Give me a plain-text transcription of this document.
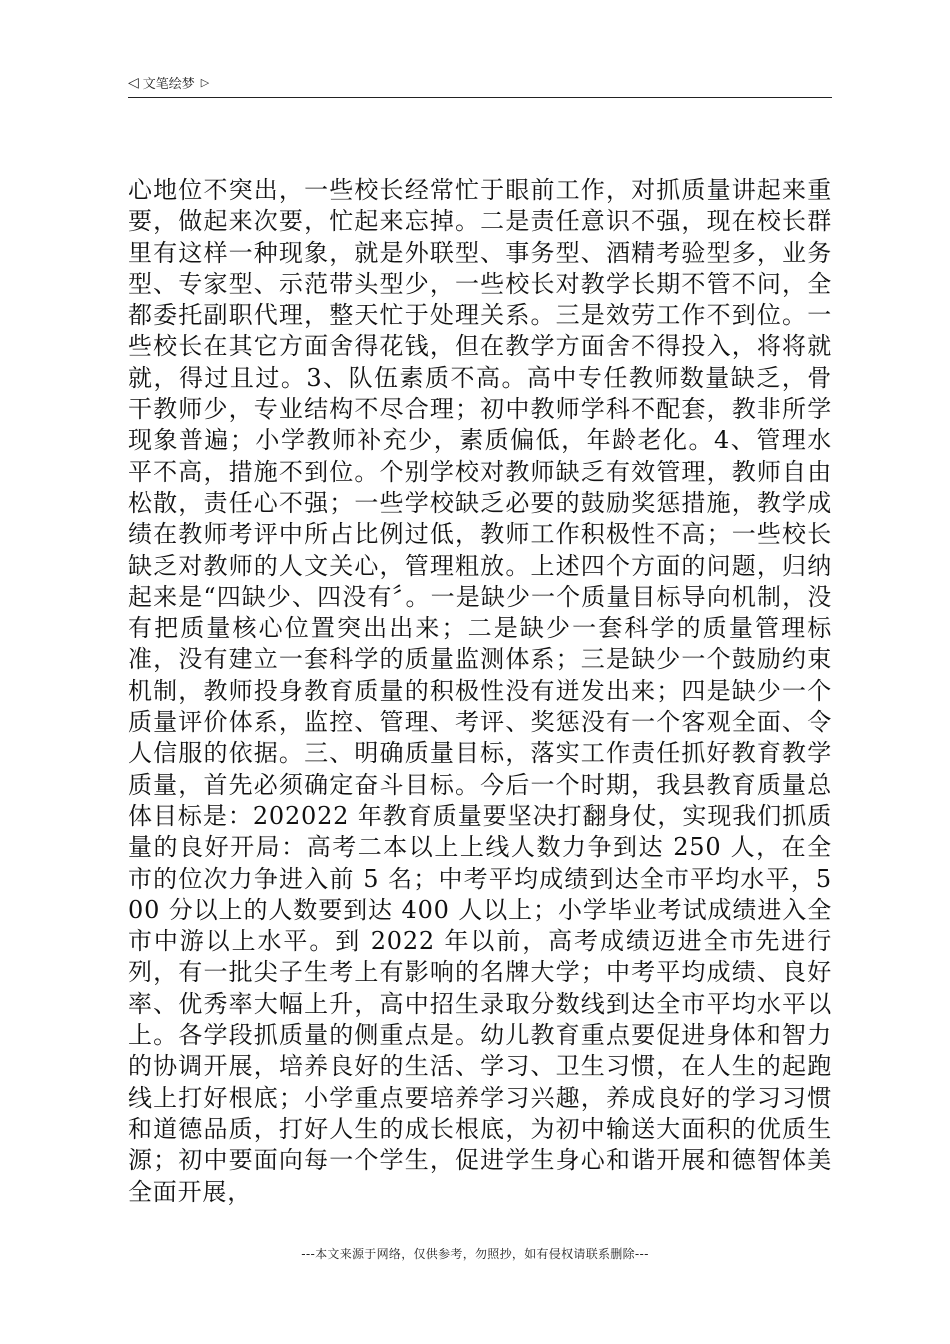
◁ 文笔绘梦 ▷

心地位不突出，一些校长经常忙于眼前工作，对抓质量讲起来重要，做起来次要，忙起来忘掉。二是责任意识不强，现在校长群里有这样一种现象，就是外联型、事务型、酒精考验型多，业务型、专家型、示范带头型少，一些校长对教学长期不管不问，全都委托副职代理，整天忙于处理关系。三是效劳工作不到位。一些校长在其它方面舍得花钱，但在教学方面舍不得投入，将将就就，得过且过。3、队伍素质不高。高中专任教师数量缺乏，骨干教师少，专业结构不尽合理；初中教师学科不配套，教非所学现象普遍；小学教师补充少，素质偏低，年龄老化。4、管理水平不高，措施不到位。个别学校对教师缺乏有效管理，教师自由松散，责任心不强；一些学校缺乏必要的鼓励奖惩措施，教学成绩在教师考评中所占比例过低，教师工作积极性不高；一些校长缺乏对教师的人文关心，管理粗放。上述四个方面的问题，归纳起来是“四缺少、四没有〞。一是缺少一个质量目标导向机制，没有把质量核心位置突出出来；二是缺少一套科学的质量管理标准，没有建立一套科学的质量监测体系；三是缺少一个鼓励约束机制，教师投身教育质量的积极性没有迸发出来；四是缺少一个质量评价体系，监控、管理、考评、奖惩没有一个客观全面、令人信服的依据。三、明确质量目标，落实工作责任抓好教育教学质量，首先必须确定奋斗目标。今后一个时期，我县教育质量总体目标是：202022 年教育质量要坚决打翻身仗，实现我们抓质量的良好开局：高考二本以上上线人数力争到达 250 人，在全市的位次力争进入前 5 名；中考平均成绩到达全市平均水平，500 分以上的人数要到达 400 人以上；小学毕业考试成绩进入全市中游以上水平。到 2022 年以前，高考成绩迈进全市先进行列，有一批尖子生考上有影响的名牌大学；中考平均成绩、良好率、优秀率大幅上升，高中招生录取分数线到达全市平均水平以上。各学段抓质量的侧重点是。幼儿教育重点要促进身体和智力的协调开展，培养良好的生活、学习、卫生习惯，在人生的起跑线上打好根底；小学重点要培养学习兴趣，养成良好的学习习惯和道德品质，打好人生的成长根底，为初中输送大面积的优质生源；初中要面向每一个学生，促进学生身心和谐开展和德智体美全面开展，

---本文来源于网络，仅供参考，勿照抄，如有侵权请联系删除---
